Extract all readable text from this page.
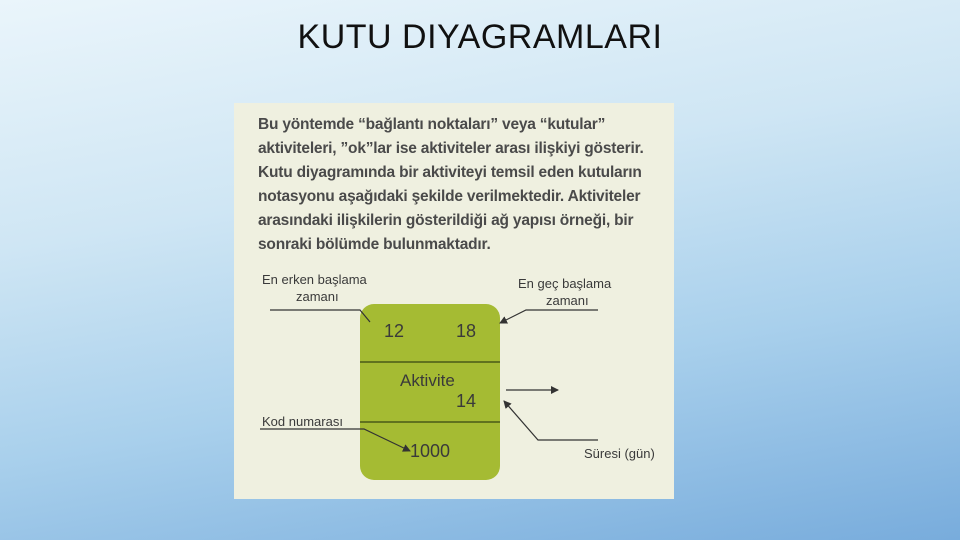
KUTU DIYAGRAMLARI
Bu yöntemde “bağlantı noktaları” veya “kutular”
aktiviteleri, ”ok”lar ise aktiviteler arası ilişkiyi gösterir.
Kutu diyagramında bir aktiviteyi temsil eden kutuların
notasyonu aşağıdaki şekilde verilmektedir. Aktiviteler
arasındaki ilişkilerin gösterildiği ağ yapısı örneği, bir
sonraki bölümde bulunmaktadır.
12	18
Aktivite
14
1000
En erken başlama
zamanı
En geç başlama
zamanı
Kod numarası
Süresi (gün)
